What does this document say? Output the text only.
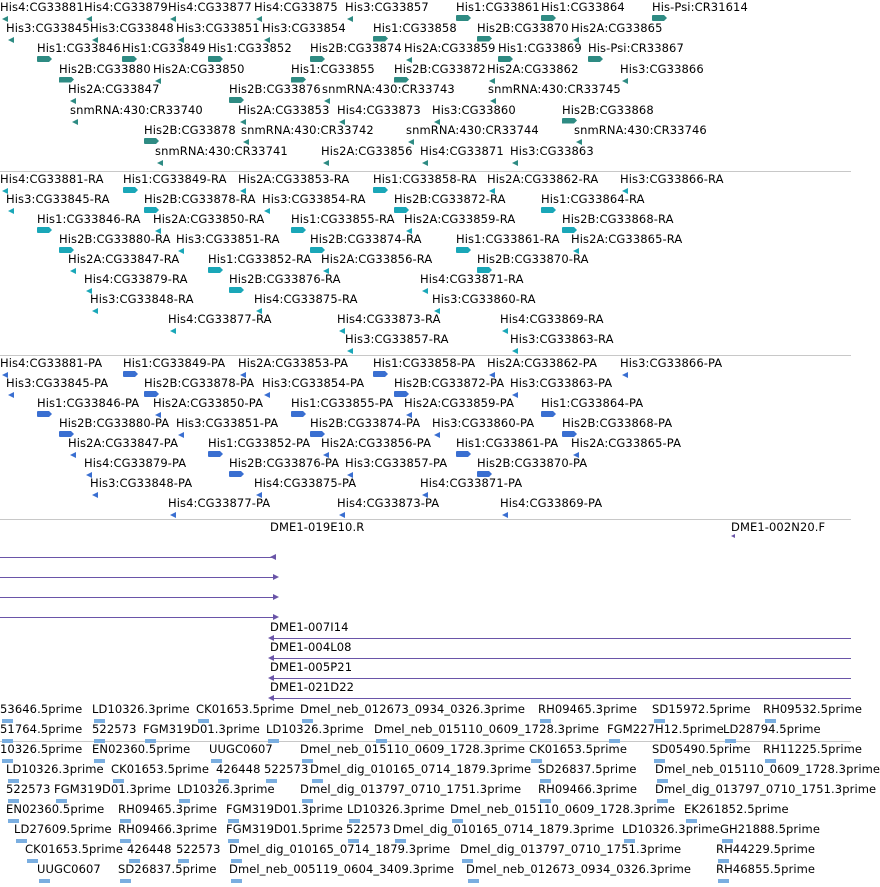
His4:CG33881 His4:CG33879 His4:CG33877 His4:CG33875 His3:CG33857 His1:CG33861 His1:CG33864 His-Psi:CR31614
His3:CG33845 His3:CG33848 His3:CG33851 His3:CG33854 His1:CG33858 His2B:CG33870 His2A:CG33865
His1:CG33846 His1:CG33849 His1:CG33852 His2B:CG33874 His2A:CG33859 His1:CG33869 His-Psi:CR33867
His2B:CG33880 His2A:CG33850	His1:CG33855 His2B:CG33872 His2A:CG33862	His3:CG33866
His2A:CG33847	His2B:CG33876 snmRNA:430:CR33743	snmRNA:430:CR33745
snmRNA:430:CR33740	His2A:CG33853 His4:CG33873 His3:CG33860	His2B:CG33868
His2B:CG33878 snmRNA:430:CR33742	snmRNA:430:CR33744	snmRNA:430:CR33746
snmRNA:430:CR33741	His2A:CG33856 His4:CG33871 His3:CG33863
His4:CG33881-RA His1:CG33849-RA His2A:CG33853-RA His1:CG33858-RA His2A:CG33862-RA His3:CG33866-RA
His3:CG33845-RA	His2B:CG33878-RA His3:CG33854-RA His2B:CG33872-RA	His1:CG33864-RA
His1:CG33846-RA His2A:CG33850-RA His1:CG33855-RA His2A:CG33859-RA	His2B:CG33868-RA
His2B:CG33880-RA His3:CG33851-RA	His2B:CG33874-RA	His1:CG33861-RA His2A:CG33865-RA
His2A:CG33847-RA His1:CG33852-RA His2A:CG33856-RA	His2B:CG33870-RA
His4:CG33879-RA	His2B:CG33876-RA	His4:CG33871-RA
His3:CG33848-RA	His4:CG33875-RA	His3:CG33860-RA
His4:CG33877-RA	His4:CG33873-RA	His4:CG33869-RA
His3:CG33857-RA	His3:CG33863-RA
His4:CG33881-PA His1:CG33849-PA His2A:CG33853-PA His1:CG33858-PA His2A:CG33862-PA His3:CG33866-PA
His3:CG33845-PA	His2B:CG33878-PA His3:CG33854-PA	His2B:CG33872-PA His3:CG33863-PA
His1:CG33846-PA His2A:CG33850-PA His1:CG33855-PA His2A:CG33859-PA His1:CG33864-PA
His2B:CG33880-PA His3:CG33851-PA	His2B:CG33874-PA His3:CG33860-PA His2B:CG33868-PA
His2A:CG33847-PA	His1:CG33852-PA His2A:CG33856-PA His1:CG33861-PA His2A:CG33865-PA
His4:CG33879-PA	His2B:CG33876-PA His3:CG33857-PA	His2B:CG33870-PA
His3:CG33848-PA	His4:CG33875-PA	His4:CG33871-PA
His4:CG33877-PA	His4:CG33873-PA	His4:CG33869-PA
DME1-019E10.R	DME1-002N20.F
DME1-007I14
DME1-004L08
DME1-005P21
DME1-021D22
53646.5prime LD10326.3prime CK01653.5prime Dmel_neb_012673_0934_0326.3prime RH09465.3prime SD15972.5prime RH09532.5prime
51764.5prime 522573 FGM319D01.3prime LD10326.3prime Dmel_neb_015110_0609_1728.3prime FGM227H12.5prime LD28794.5prime
10326.5prime EN02360.5prime UUGC0607 Dmel_neb_015110_0609_1728.3prime CK01653.5prime SD05490.5prime RH11225.5prime
LD10326.3prime CK01653.5prime 426448 522573 Dmel_dig_010165_0714_1879.3prime SD26837.5prime Dmel_neb_015110_0609_1728.3prime
522573 FGM319D01.3prime LD10326.3prime Dmel_dig_013797_0710_1751.3prime RH09466.3prime Dmel_dig_013797_0710_1751.3prime
EN02360.5prime RH09465.3prime FGM319D01.3prime LD10326.3prime Dmel_neb_015110_0609_1728.3prime EK261852.5prime
LD27609.5prime RH09466.3prime FGM319D01.5prime 522573 Dmel_dig_010165_0714_1879.3prime LD10326.3prime GH21888.5prime
CK01653.5prime 426448 522573 Dmel_dig_010165_0714_1879.3prime Dmel_dig_013797_0710_1751.3prime	RH44229.5prime
UUGC0607 SD26837.5prime Dmel_neb_005119_0604_3409.3prime Dmel_neb_012673_0934_0326.3prime RH46855.5prime
